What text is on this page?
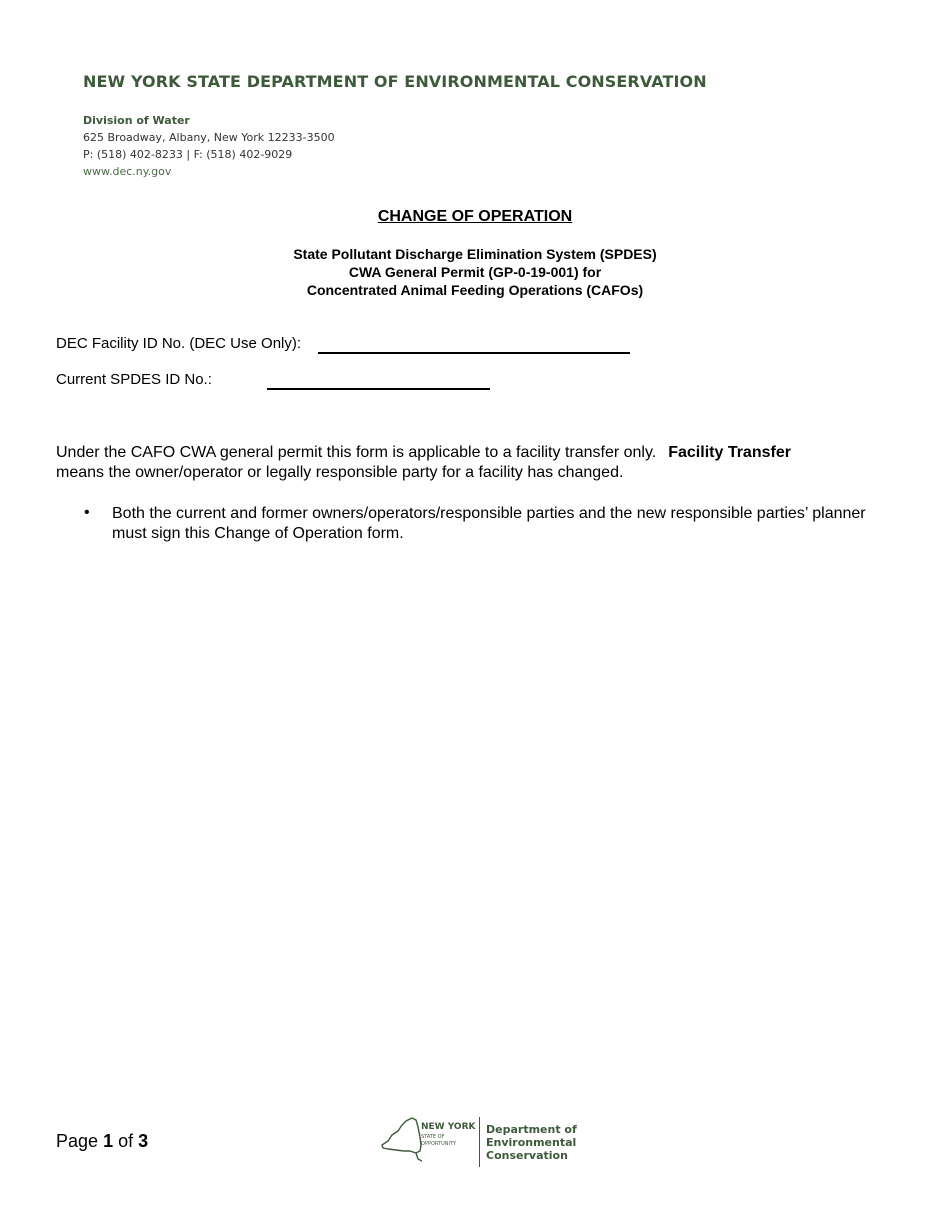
NEW YORK STATE DEPARTMENT OF ENVIRONMENTAL CONSERVATION
Division of Water
625 Broadway, Albany, New York 12233-3500
P: (518) 402-8233 | F: (518) 402-9029
www.dec.ny.gov
CHANGE OF OPERATION
State Pollutant Discharge Elimination System (SPDES)
CWA General Permit (GP-0-19-001) for
Concentrated Animal Feeding Operations (CAFOs)
DEC Facility ID No. (DEC Use Only):
Current SPDES ID No.:
Under the CAFO CWA general permit this form is applicable to a facility transfer only. Facility Transfer
means the owner/operator or legally responsible party for a facility has changed.
• Both the current and former owners/operators/responsible parties and the new responsible parties’ planner must sign this Change of Operation form.
Page 1 of 3
NEW YORK
STATE OF
OPPORTUNITY
Department of
Environmental
Conservation
